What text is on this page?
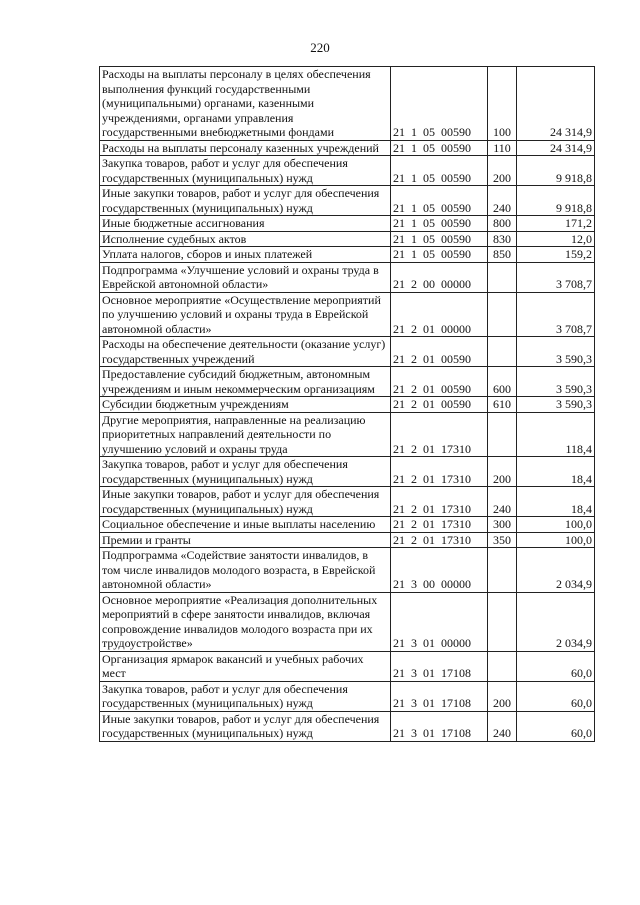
220
Расходы на выплаты персоналу в целях обеспечения выполнения функций государственными (муниципальными) органами, казенными учреждениями, органами управления государственными внебюджетными фондами	21  1  05  00590	100	24 314,9
Расходы на выплаты персоналу казенных учреждений	21  1  05  00590	110	24 314,9
Закупка товаров, работ и услуг для обеспечения государственных (муниципальных) нужд	21  1  05  00590	200	9 918,8
Иные закупки товаров, работ и услуг для обеспечения государственных (муниципальных) нужд	21  1  05  00590	240	9 918,8
Иные бюджетные ассигнования	21  1  05  00590	800	171,2
Исполнение судебных актов	21  1  05  00590	830	12,0
Уплата налогов, сборов и иных платежей	21  1  05  00590	850	159,2
Подпрограмма «Улучшение условий и охраны труда в Еврейской автономной области»	21  2  00  00000		3 708,7
Основное мероприятие «Осуществление мероприятий по улучшению условий и охраны труда в Еврейской автономной области»	21  2  01  00000		3 708,7
Расходы на обеспечение деятельности (оказание услуг) государственных учреждений	21  2  01  00590		3 590,3
Предоставление субсидий бюджетным, автономным учреждениям и иным некоммерческим организациям	21  2  01  00590	600	3 590,3
Субсидии бюджетным учреждениям	21  2  01  00590	610	3 590,3
Другие мероприятия, направленные на реализацию приоритетных направлений деятельности по улучшению условий и охраны труда	21  2  01  17310		118,4
Закупка товаров, работ и услуг для обеспечения государственных (муниципальных) нужд	21  2  01  17310	200	18,4
Иные закупки товаров, работ и услуг для обеспечения государственных (муниципальных) нужд	21  2  01  17310	240	18,4
Социальное обеспечение и иные выплаты населению	21  2  01  17310	300	100,0
Премии и гранты	21  2  01  17310	350	100,0
Подпрограмма «Содействие занятости инвалидов, в том числе инвалидов молодого возраста, в Еврейской автономной области»	21  3  00  00000		2 034,9
Основное мероприятие «Реализация дополнительных мероприятий в сфере занятости инвалидов, включая сопровождение инвалидов молодого возраста при их трудоустройстве»	21  3  01  00000		2 034,9
Организация ярмарок вакансий и учебных рабочих мест	21  3  01  17108		60,0
Закупка товаров, работ и услуг для обеспечения государственных (муниципальных) нужд	21  3  01  17108	200	60,0
Иные закупки товаров, работ и услуг для обеспечения государственных (муниципальных) нужд	21  3  01  17108	240	60,0
